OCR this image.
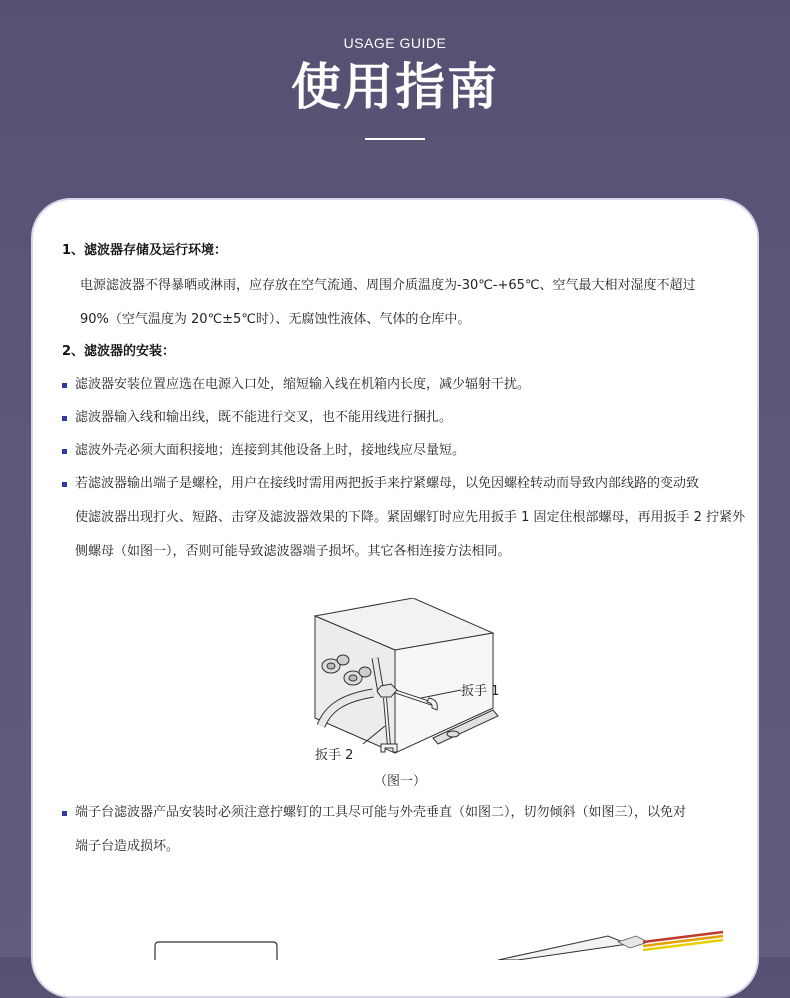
USAGE GUIDE
使用指南
1、滤波器存储及运行环境：
电源滤波器不得暴晒或淋雨，应存放在空气流通、周围介质温度为-30℃-+65℃、空气最大相对湿度不超过
90%（空气温度为 20℃±5℃时）、无腐蚀性液体、气体的仓库中。
2、滤波器的安装：
滤波器安装位置应选在电源入口处，缩短输入线在机箱内长度，减少辐射干扰。
滤波器输入线和输出线，既不能进行交叉，也不能用线进行捆扎。
滤波外壳必须大面积接地；连接到其他设备上时，接地线应尽量短。
若滤波器输出端子是螺栓，用户在接线时需用两把扳手来拧紧螺母，以免因螺栓转动而导致内部线路的变动致
使滤波器出现打火、短路、击穿及滤波器效果的下降。紧固螺钉时应先用扳手 1 固定住根部螺母，再用扳手 2 拧紧外
侧螺母（如图一），否则可能导致滤波器端子损坏。其它各相连接方法相同。
扳手 1
扳手 2
（图一）
端子台滤波器产品安装时必须注意拧螺钉的工具尽可能与外壳垂直（如图二），切勿倾斜（如图三），以免对
端子台造成损坏。
